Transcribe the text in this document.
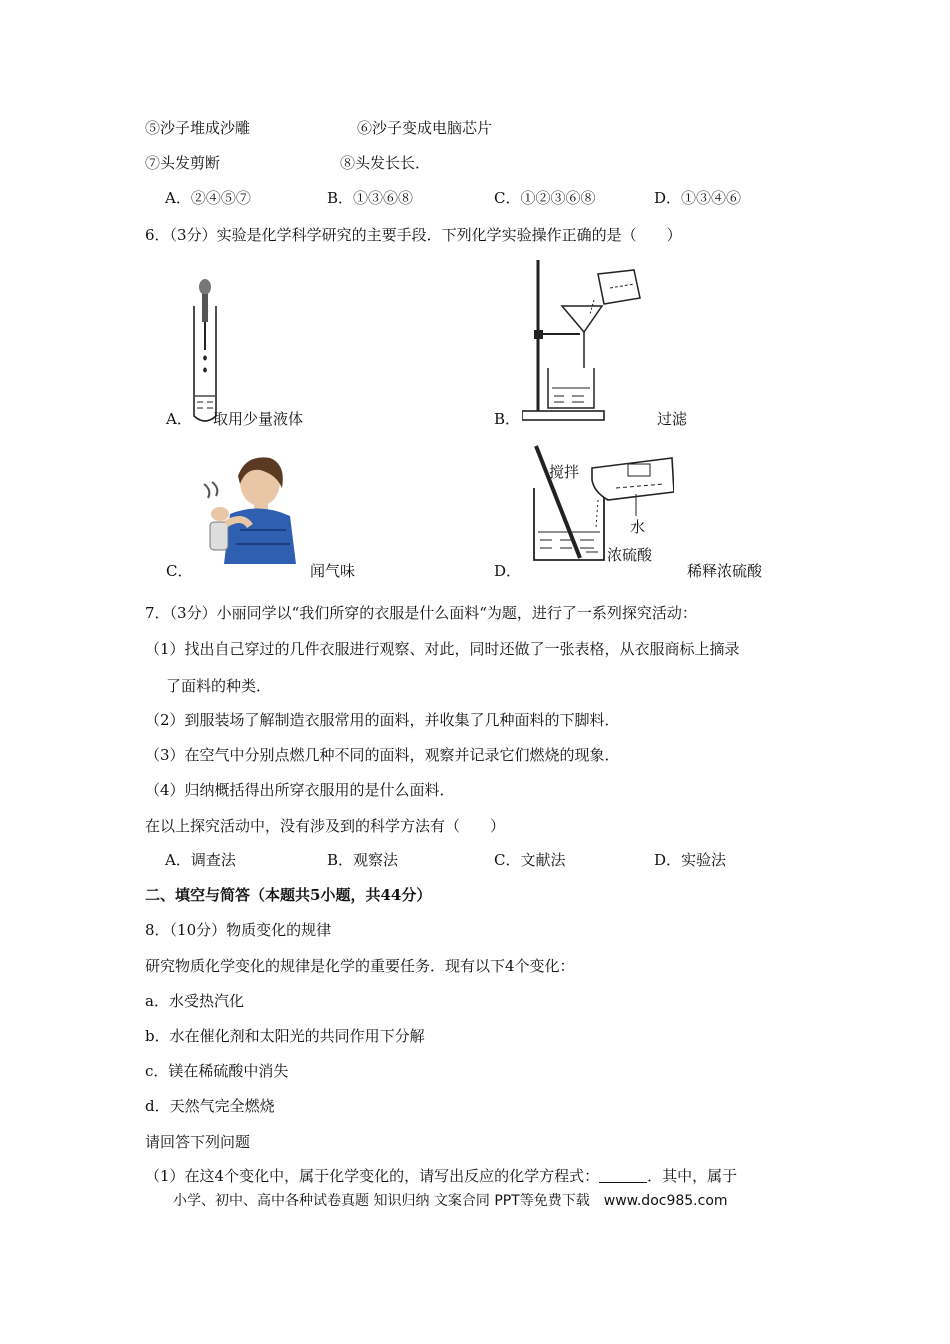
⑤沙子堆成沙雕	⑥沙子变成电脑芯片
⑦头发剪断	⑧头发长长．
A．②④⑤⑦	B．①③⑥⑧	C．①②③⑥⑧	D．①③④⑥
6．（3分）实验是化学科学研究的主要手段．下列化学实验操作正确的是（　　）
A． 取用少量液体	B．	过滤
C．	闻气味
搅拌
水
浓硫酸
D．	稀释浓硫酸
7．（3分）小丽同学以“我们所穿的衣服是什么面料“为题，进行了一系列探究活动：
（1）找出自己穿过的几件衣服进行观察、对此，同时还做了一张表格，从衣服商标上摘录
了面料的种类．
（2）到服装场了解制造衣服常用的面料，并收集了几种面料的下脚料．
（3）在空气中分别点燃几种不同的面料，观察并记录它们燃烧的现象．
（4）归纳概括得出所穿衣服用的是什么面料．
在以上探究活动中，没有涉及到的科学方法有（　　）
A．调查法	B．观察法	C．文献法	D．实验法
二、填空与简答（本题共5小题，共44分）
8．（10分）物质变化的规律
研究物质化学变化的规律是化学的重要任务．现有以下4个变化：
a．水受热汽化
b．水在催化剂和太阳光的共同作用下分解
c．镁在稀硫酸中消失
d．天然气完全燃烧
请回答下列问题
（1）在这4个变化中，属于化学变化的，请写出反应的化学方程式：	．其中，属于
小学、初中、高中各种试卷真题 知识归纳 文案合同 PPT等免费下载　www.doc985.com
